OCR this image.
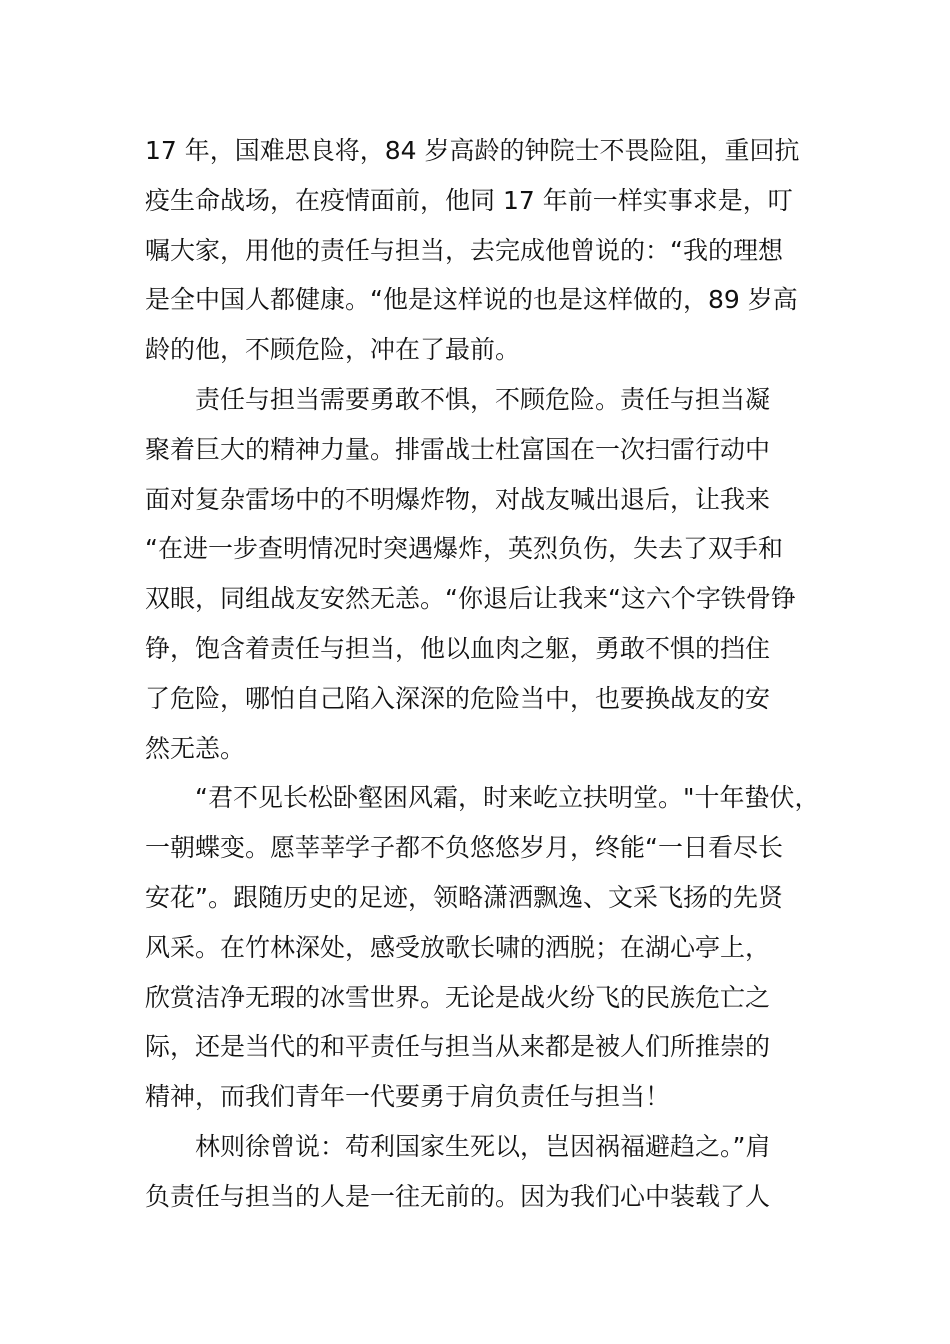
17 年，国难思良将，84 岁高龄的钟院士不畏险阻，重回抗
疫生命战场，在疫情面前，他同 17 年前一样实事求是，叮
嘱大家，用他的责任与担当，去完成他曾说的：“我的理想
是全中国人都健康。“他是这样说的也是这样做的，89 岁高
龄的他，不顾危险，冲在了最前。
责任与担当需要勇敢不惧，不顾危险。责任与担当凝
聚着巨大的精神力量。排雷战士杜富国在一次扫雷行动中
面对复杂雷场中的不明爆炸物，对战友喊出退后，让我来
“在进一步查明情况时突遇爆炸，英烈负伤，失去了双手和
双眼，同组战友安然无恙。“你退后让我来“这六个字铁骨铮
铮，饱含着责任与担当，他以血肉之躯，勇敢不惧的挡住
了危险，哪怕自己陷入深深的危险当中，也要换战友的安
然无恙。
“君不见长松卧壑困风霜，时来屹立扶明堂。"十年蛰伏，
一朝蝶变。愿莘莘学子都不负悠悠岁月，终能“一日看尽长
安花”。跟随历史的足迹，领略潇洒飘逸、文采飞扬的先贤
风采。在竹林深处，感受放歌长啸的洒脱；在湖心亭上，
欣赏洁净无瑕的冰雪世界。无论是战火纷飞的民族危亡之
际，还是当代的和平责任与担当从来都是被人们所推崇的
精神，而我们青年一代要勇于肩负责任与担当！
林则徐曾说：苟利国家生死以，岂因祸福避趋之。”肩
负责任与担当的人是一往无前的。因为我们心中装载了人
